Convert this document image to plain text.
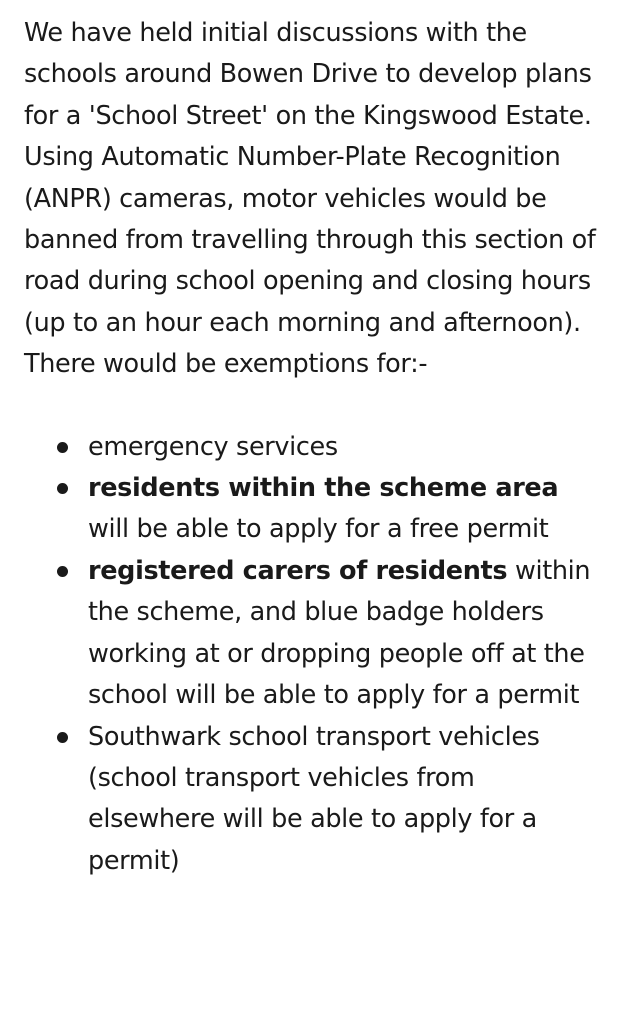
We have held initial discussions with the schools around Bowen Drive to develop plans for a 'School Street' on the Kingswood Estate. Using Automatic Number-Plate Recognition (ANPR) cameras, motor vehicles would be banned from travelling through this section of road during school opening and closing hours (up to an hour each morning and afternoon). There would be exemptions for:-

emergency services
residents within the scheme area will be able to apply for a free permit
registered carers of residents within the scheme, and blue badge holders working at or dropping people off at the school will be able to apply for a permit
Southwark school transport vehicles (school transport vehicles from elsewhere will be able to apply for a permit)
